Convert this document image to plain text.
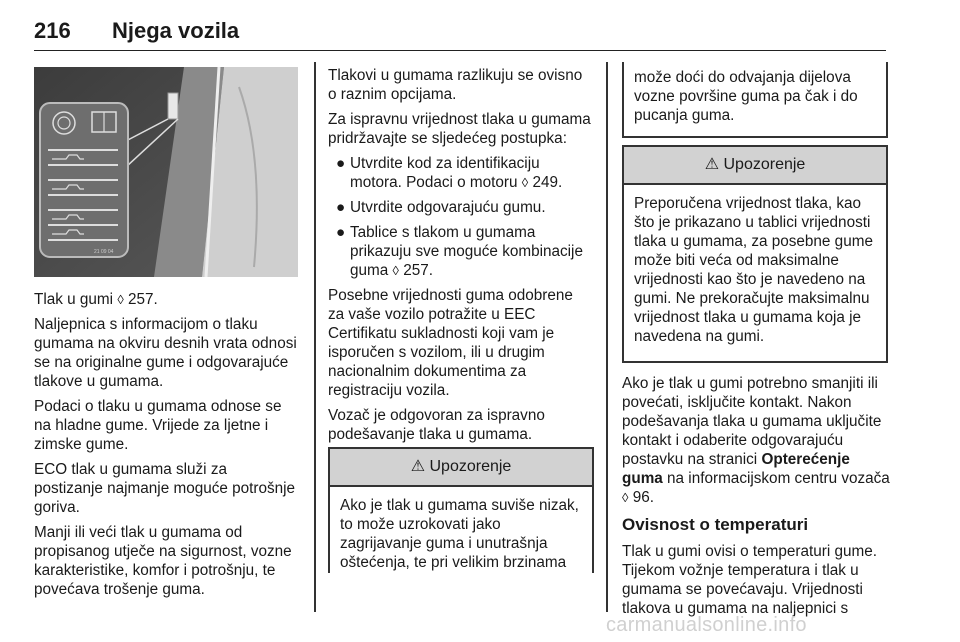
216 Njega vozila
21 09 04

Tlak u gumi ◊ 257.

Naljepnica s informacijom o tlaku gumama na okviru desnih vrata odnosi se na originalne gume i odgovarajuće tlakove u gumama.

Podaci o tlaku u gumama odnose se na hladne gume. Vrijede za ljetne i zimske gume.

ECO tlak u gumama služi za postizanje najmanje moguće potrošnje goriva.

Manji ili veći tlak u gumama od propisanog utječe na sigurnost, vozne karakteristike, komfor i potrošnju, te povećava trošenje guma.

Tlakovi u gumama razlikuju se ovisno o raznim opcijama.

Za ispravnu vrijednost tlaka u gumama pridržavajte se sljedećeg postupka:

● Utvrdite kod za identifikaciju motora. Podaci o motoru ◊ 249.
● Utvrdite odgovarajuću gumu.
● Tablice s tlakom u gumama prikazuju sve moguće kombinacije guma ◊ 257.

Posebne vrijednosti guma odobrene za vaše vozilo potražite u EEC Certifikatu sukladnosti koji vam je isporučen s vozilom, ili u drugim nacionalnim dokumentima za registraciju vozila.

Vozač je odgovoran za ispravno podešavanje tlaka u gumama.

⚠ Upozorenje
Ako je tlak u gumama suviše nizak, to može uzrokovati jako zagrijavanje guma i unutrašnja oštećenja, te pri velikim brzinama
može doći do odvajanja dijelova vozne površine guma pa čak i do pucanja guma.
⚠ Upozorenje
Preporučena vrijednost tlaka, kao što je prikazano u tablici vrijednosti tlaka u gumama, za posebne gume može biti veća od maksimalne vrijednosti kao što je navedeno na gumi. Ne prekoračujte maksimalnu vrijednost tlaka u gumama koja je navedena na gumi.

Ako je tlak u gumi potrebno smanjiti ili povećati, isključite kontakt. Nakon podešavanja tlaka u gumama uključite kontakt i odaberite odgovarajuću postavku na stranici Opterećenje guma na informacijskom centru vozača ◊ 96.

Ovisnost o temperaturi

Tlak u gumi ovisi o temperaturi gume. Tijekom vožnje temperatura i tlak u gumama se povećavaju. Vrijednosti tlakova u gumama na naljepnici s

carmanualsonline.info
